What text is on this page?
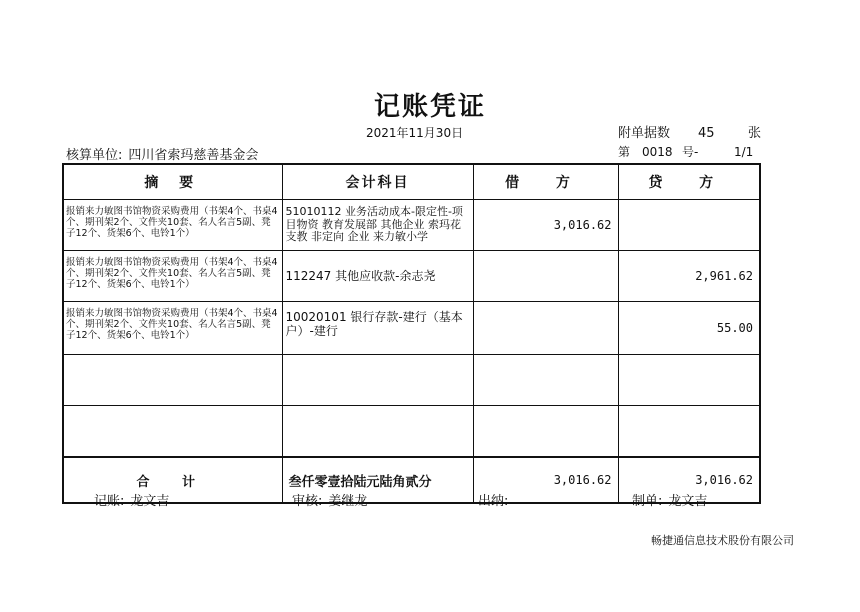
记账凭证
2021年11月30日	附单据数 45	张
核算单位: 四川省索玛慈善基金会	第 0018 号-	1/1
摘 要	会计科目	借 方	贷 方
报销来力敏图书馆物资采购费用（书架4个、书桌4个、期刊架2个、文件夹10套、名人名言5副、凳子12个、货架6个、电铃1个）	51010112 业务活动成本-限定性-项目物资 教育发展部 其他企业 索玛花支教 非定向 企业 来力敏小学	3,016.62	
报销来力敏图书馆物资采购费用（书架4个、书桌4个、期刊架2个、文件夹10套、名人名言5副、凳子12个、货架6个、电铃1个）	112247 其他应收款-余志尧		2,961.62
报销来力敏图书馆物资采购费用（书架4个、书桌4个、期刊架2个、文件夹10套、名人名言5副、凳子12个、货架6个、电铃1个）	10020101 银行存款-建行（基本户）-建行		55.00

合 计	叁仟零壹拾陆元陆角贰分	3,016.62	3,016.62
记账: 龙文吉	审核: 姜继龙	出纳:	制单: 龙文吉
畅捷通信息技术股份有限公司
